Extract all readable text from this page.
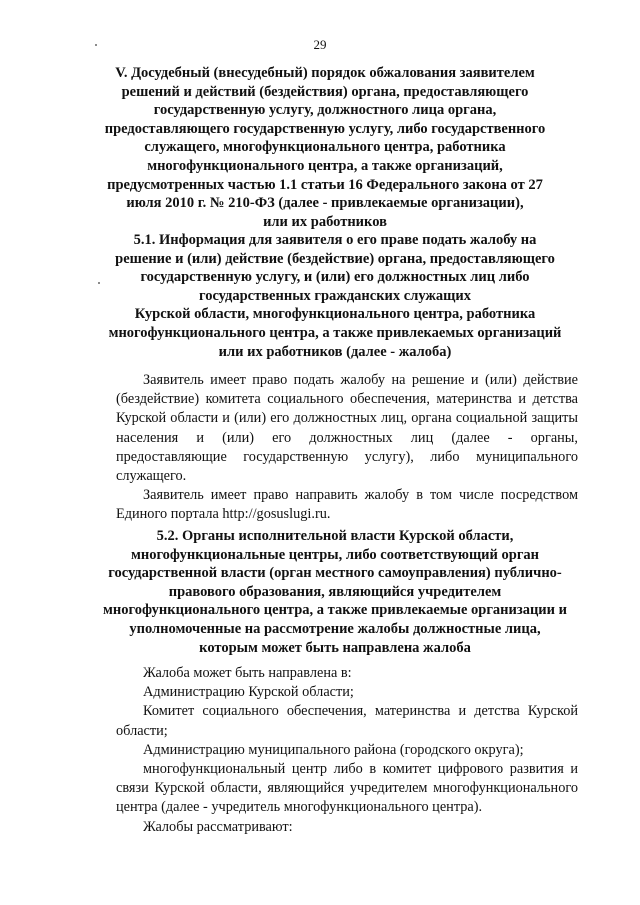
29
V. Досудебный (внесудебный) порядок обжалования заявителем
решений и действий (бездействия) органа, предоставляющего
государственную услугу, должностного лица органа,
предоставляющего государственную услугу, либо государственного
служащего, многофункционального центра, работника
многофункционального центра, а также организаций,
предусмотренных частью 1.1 статьи 16 Федерального закона от 27
июля 2010 г. № 210-ФЗ (далее - привлекаемые организации),
или их работников
5.1. Информация для заявителя о его праве подать жалобу на
решение и (или) действие (бездействие) органа, предоставляющего
государственную услугу, и (или) его должностных лиц либо
государственных гражданских служащих
Курской области, многофункционального центра, работника
многофункционального центра, а также привлекаемых организаций
или их работников (далее - жалоба)
Заявитель имеет право подать жалобу на решение и (или) действие
(бездействие) комитета социального обеспечения, материнства и детства
Курской области и (или) его должностных лиц, органа социальной защиты
населения и (или) его должностных лиц (далее - органы,
предоставляющие государственную услугу), либо муниципального
служащего.
Заявитель имеет право направить жалобу в том числе посредством
Единого портала http://gosuslugi.ru.
5.2. Органы исполнительной власти Курской области,
многофункциональные центры, либо соответствующий орган
государственной власти (орган местного самоуправления) публично-
правового образования, являющийся учредителем
многофункционального центра, а также привлекаемые организации и
уполномоченные на рассмотрение жалобы должностные лица,
которым может быть направлена жалоба
Жалоба может быть направлена в:
Администрацию Курской области;
Комитет социального обеспечения, материнства и детства Курской
области;
Администрацию муниципального района (городского округа);
многофункциональный центр либо в комитет цифрового развития и
связи Курской области, являющийся учредителем многофункционального
центра (далее - учредитель многофункционального центра).
Жалобы рассматривают:
